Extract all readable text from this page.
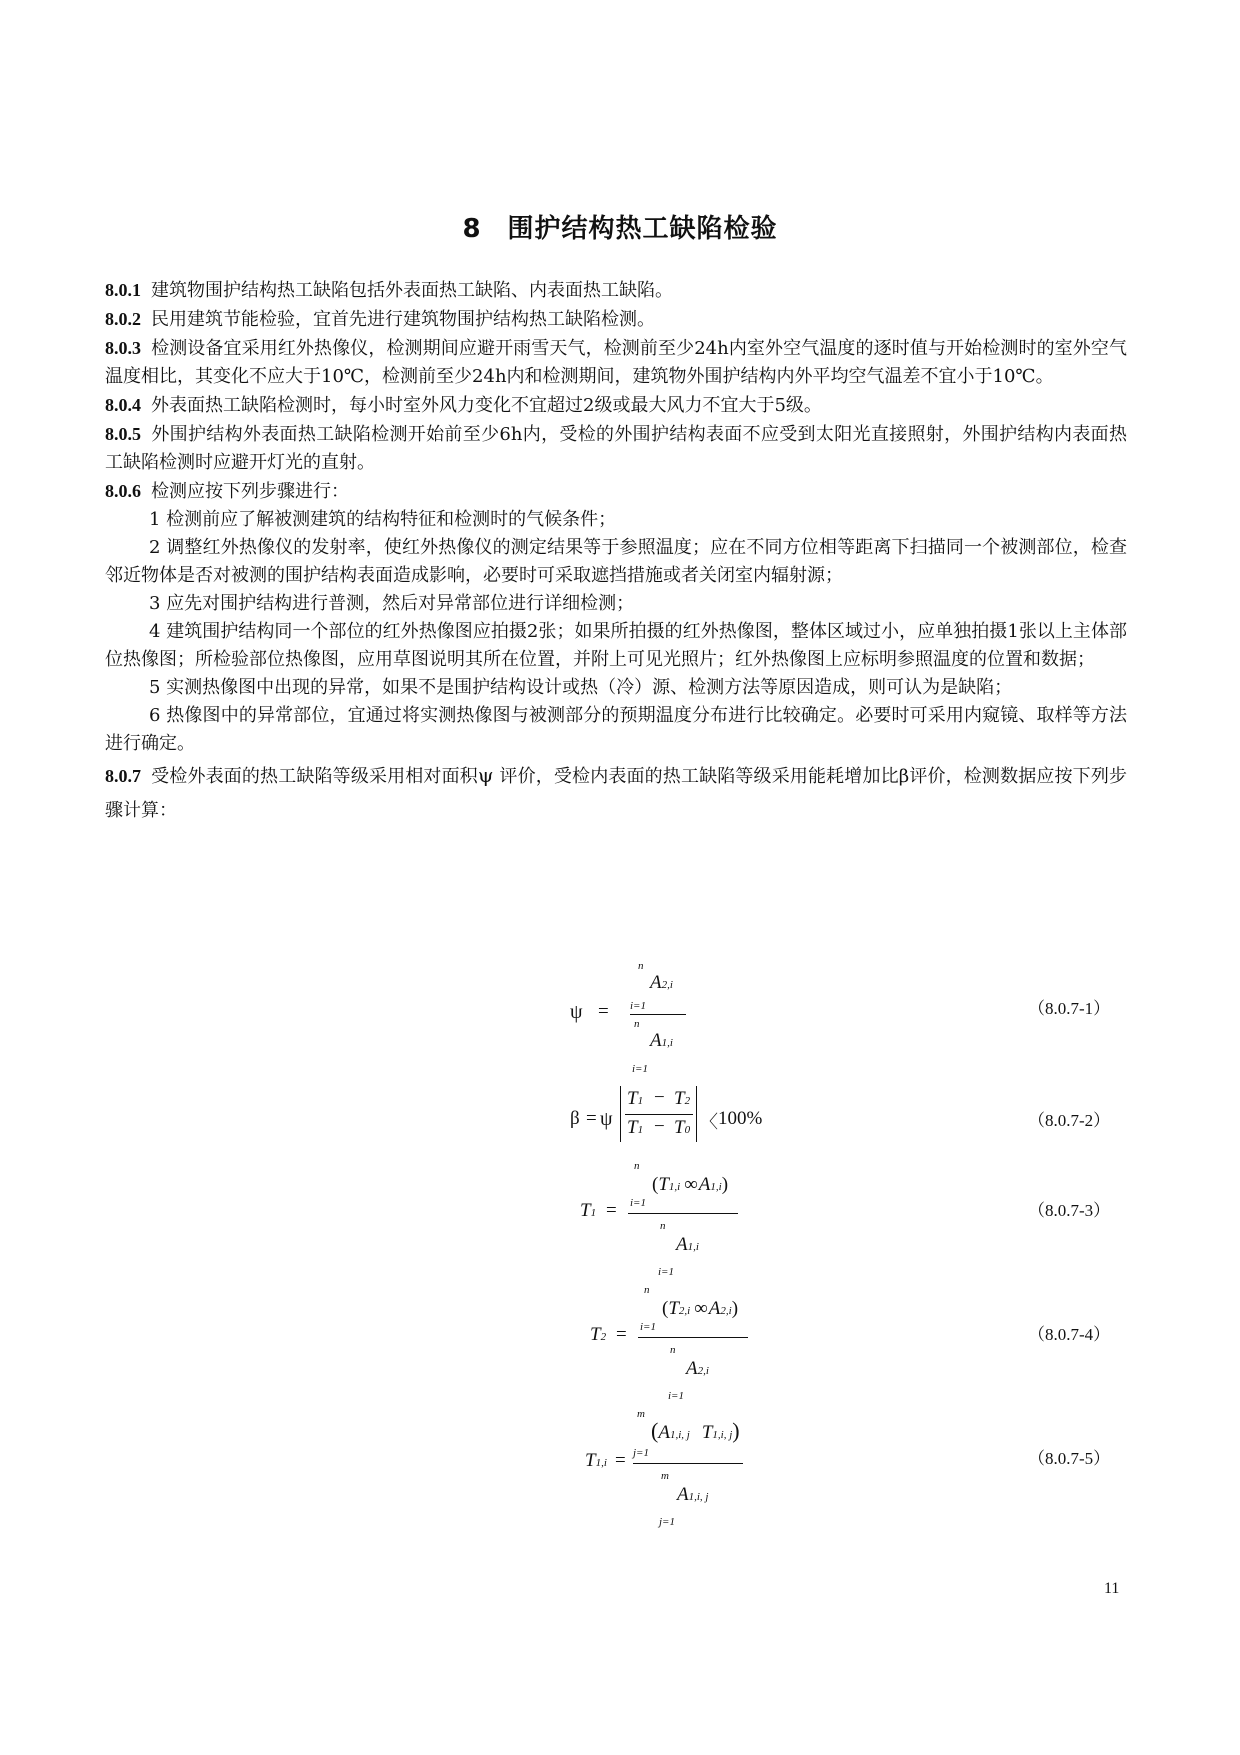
8 围护结构热工缺陷检验

8.0.1 建筑物围护结构热工缺陷包括外表面热工缺陷、内表面热工缺陷。

8.0.2 民用建筑节能检验，宜首先进行建筑物围护结构热工缺陷检测。

8.0.3 检测设备宜采用红外热像仪，检测期间应避开雨雪天气，检测前至少24h内室外空气温度的逐时值与开始检测时的室外空气温度相比，其变化不应大于10℃，检测前至少24h内和检测期间，建筑物外围护结构内外平均空气温差不宜小于10℃。

8.0.4 外表面热工缺陷检测时，每小时室外风力变化不宜超过2级或最大风力不宜大于5级。

8.0.5 外围护结构外表面热工缺陷检测开始前至少6h内，受检的外围护结构表面不应受到太阳光直接照射，外围护结构内表面热工缺陷检测时应避开灯光的直射。

8.0.6 检测应按下列步骤进行：

1 检测前应了解被测建筑的结构特征和检测时的气候条件；

2 调整红外热像仪的发射率，使红外热像仪的测定结果等于参照温度；应在不同方位相等距离下扫描同一个被测部位，检查邻近物体是否对被测的围护结构表面造成影响，必要时可采取遮挡措施或者关闭室内辐射源；

3 应先对围护结构进行普测，然后对异常部位进行详细检测；

4 建筑围护结构同一个部位的红外热像图应拍摄2张；如果所拍摄的红外热像图，整体区域过小，应单独拍摄1张以上主体部位热像图；所检验部位热像图，应用草图说明其所在位置，并附上可见光照片；红外热像图上应标明参照温度的位置和数据；

5 实测热像图中出现的异常，如果不是围护结构设计或热（冷）源、检测方法等原因造成，则可认为是缺陷；

6 热像图中的异常部位，宜通过将实测热像图与被测部分的预期温度分布进行比较确定。必要时可采用内窥镜、取样等方法进行确定。

8.0.7 受检外表面的热工缺陷等级采用相对面积ψ 评价，受检内表面的热工缺陷等级采用能耗增加比β评价，检测数据应按下列步骤计算：

n
A2,i
ψ = i=1
n
A1,i
i=1
（8.0.7-1）
β = ψ
T1 − T2
T1 − T0 〈 100%	（8.0.7-2）
n
(T1,i ∞A1,i)
T1 = i=1
n
A1,i
i=1
（8.0.7-3）
n
(T2,i ∞A2,i)
T2 = i=1
n
A2,i
i=1
（8.0.7-4）
m
(A1,i, j T1,i, j)
T1,i = j=1
m
A1,i, j
j=1
（8.0.7-5）
11
